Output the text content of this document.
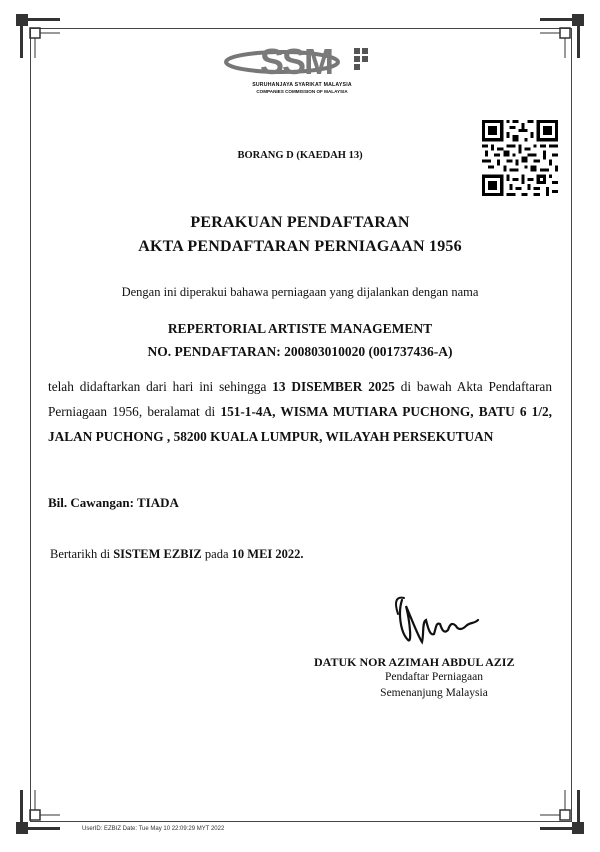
SSM
SURUHANJAYA SYARIKAT MALAYSIA
COMPANIES COMMISSION OF MALAYSIA
BORANG D (KAEDAH 13)
PERAKUAN PENDAFTARAN
AKTA PENDAFTARAN PERNIAGAAN 1956
Dengan ini diperakui bahawa perniagaan yang dijalankan dengan nama
REPERTORIAL ARTISTE MANAGEMENT
NO. PENDAFTARAN: 200803010020 (001737436-A)
telah didaftarkan dari hari ini sehingga 13 DISEMBER 2025 di bawah Akta Pendaftaran Perniagaan 1956, beralamat di 151-1-4A, WISMA MUTIARA PUCHONG, BATU 6 1/2, JALAN PUCHONG , 58200 KUALA LUMPUR, WILAYAH PERSEKUTUAN
Bil. Cawangan: TIADA
Bertarikh di SISTEM EZBIZ pada 10 MEI 2022.
DATUK NOR AZIMAH ABDUL AZIZ
Pendaftar Perniagaan
Semenanjung Malaysia
UserID: EZBIZ Date: Tue May 10 22:09:29 MYT 2022
